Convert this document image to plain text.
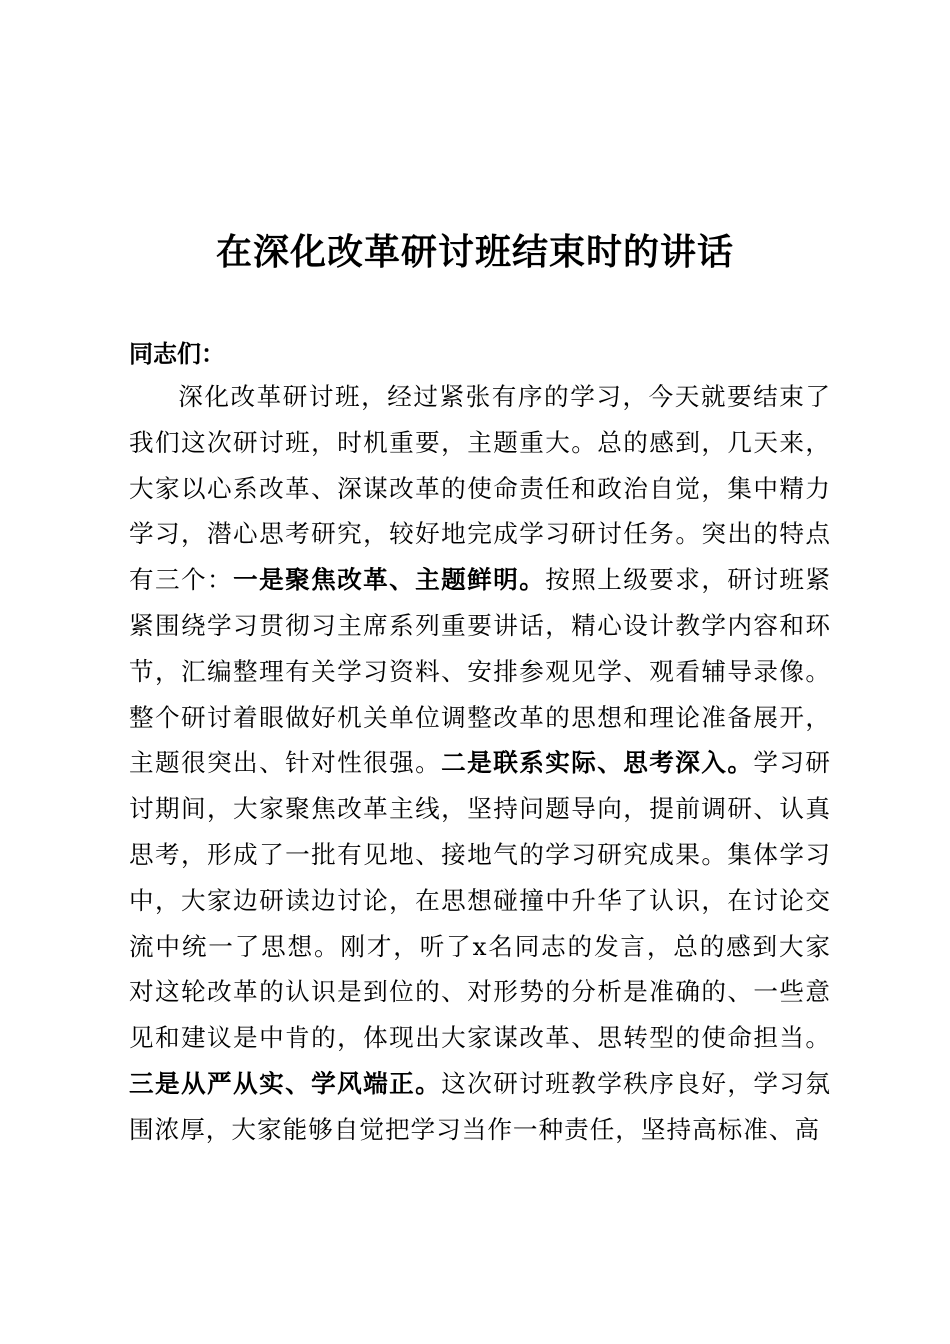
在深化改革研讨班结束时的讲话

同志们：

深化改革研讨班，经过紧张有序的学习，今天就要结束了我们这次研讨班，时机重要，主题重大。总的感到，几天来，大家以心系改革、深谋改革的使命责任和政治自觉，集中精力学习，潜心思考研究，较好地完成学习研讨任务。突出的特点有三个：一是聚焦改革、主题鲜明。按照上级要求，研讨班紧紧围绕学习贯彻习主席系列重要讲话，精心设计教学内容和环节，汇编整理有关学习资料、安排参观见学、观看辅导录像。整个研讨着眼做好机关单位调整改革的思想和理论准备展开，主题很突出、针对性很强。二是联系实际、思考深入。学习研讨期间，大家聚焦改革主线，坚持问题导向，提前调研、认真思考，形成了一批有见地、接地气的学习研究成果。集体学习中，大家边研读边讨论，在思想碰撞中升华了认识，在讨论交流中统一了思想。刚才，听了x名同志的发言，总的感到大家对这轮改革的认识是到位的、对形势的分析是准确的、一些意见和建议是中肯的，体现出大家谋改革、思转型的使命担当。三是从严从实、学风端正。这次研讨班教学秩序良好，学习氛围浓厚，大家能够自觉把学习当作一种责任，坚持高标准、高
